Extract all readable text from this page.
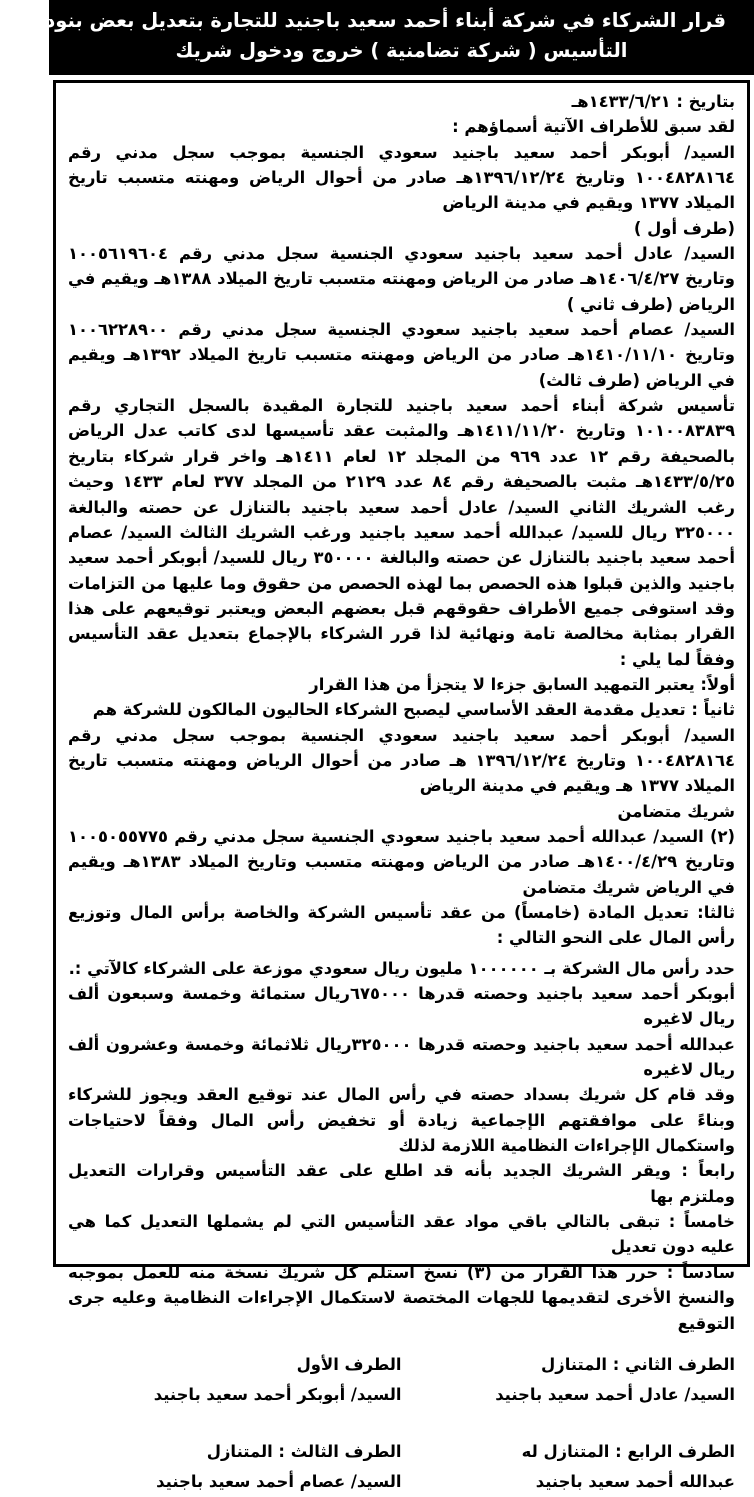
قرار الشركاء في شركة أبناء أحمد سعيد باجنيد للتجارة بتعديل بعض بنود عقد
التأسيس ( شركة تضامنية ) خروج ودخول شريك
بتاريخ : ١٤٣٣/٦/٢١هـ
لقد سبق للأطراف الآتية أسماؤهم :

السيد/ أبوبكر أحمد سعيد باجنيد سعودي الجنسية بموجب سجل مدني رقم ١٠٠٤٨٢٨١٦٤ وتاريخ ١٣٩٦/١٢/٢٤هـ صادر من أحوال الرياض ومهنته متسبب تاريخ الميلاد ١٣٧٧ ويقيم في مدينة الرياض

(طرف أول )

السيد/ عادل أحمد سعيد باجنيد سعودي الجنسية سجل مدني رقم ١٠٠٥٦١٩٦٠٤ وتاريخ ١٤٠٦/٤/٢٧هـ صادر من الرياض ومهنته متسبب تاريخ الميلاد ١٣٨٨هـ ويقيم في الرياض (طرف ثاني )

السيد/ عصام أحمد سعيد باجنيد سعودي الجنسية سجل مدني رقم ١٠٠٦٢٢٨٩٠٠ وتاريخ ١٤١٠/١١/١٠هـ صادر من الرياض ومهنته متسبب تاريخ الميلاد ١٣٩٢هـ ويقيم في الرياض (طرف ثالث)

تأسيس شركة أبناء أحمد سعيد باجنيد للتجارة المقيدة بالسجل التجاري رقم ١٠١٠٠٨٣٨٣٩ وتاريخ ١٤١١/١١/٢٠هـ والمثبت عقد تأسيسها لدى كاتب عدل الرياض بالصحيفة رقم ١٢ عدد ٩٦٩ من المجلد ١٢ لعام ١٤١١هـ واخر قرار شركاء بتاريخ ١٤٣٣/٥/٢٥هـ مثبت بالصحيفة رقم ٨٤ عدد ٢١٢٩ من المجلد ٣٧٧ لعام ١٤٣٣ وحيث رغب الشريك الثاني السيد/ عادل أحمد سعيد باجنيد بالتنازل عن حصته والبالغة ٣٢٥٠٠٠ ريال للسيد/ عبدالله أحمد سعيد باجنيد ورغب الشريك الثالث السيد/ عصام أحمد سعيد باجنيد بالتنازل عن حصته والبالغة ٣٥٠٠٠٠ ريال للسيد/ أبوبكر أحمد سعيد باجنيد والذين قبلوا هذه الحصص بما لهذه الحصص من حقوق وما عليها من التزامات وقد استوفى جميع الأطراف حقوقهم قبل بعضهم البعض ويعتبر توقيعهم على هذا القرار بمثابة مخالصة تامة ونهائية لذا قرر الشركاء بالإجماع بتعديل عقد التأسيس وفقاً لما يلي :

أولاً: يعتبر التمهيد السابق جزءا لا يتجزأ من هذا القرار

ثانياً : تعديل مقدمة العقد الأساسي ليصبح الشركاء الحاليون المالكون للشركة هم

السيد/ أبوبكر أحمد سعيد باجنيد سعودي الجنسية بموجب سجل مدني رقم ١٠٠٤٨٢٨١٦٤ وتاريخ ١٣٩٦/١٢/٢٤ هـ صادر من أحوال الرياض ومهنته متسبب تاريخ الميلاد ١٣٧٧ هـ ويقيم في مدينة الرياض

شريك متضامن

(٢) السيد/ عبدالله أحمد سعيد باجنيد سعودي الجنسية سجل مدني رقم ١٠٠٥٠٥٥٧٧٥ وتاريخ ١٤٠٠/٤/٢٩هـ صادر من الرياض ومهنته متسبب وتاريخ الميلاد ١٣٨٣هـ ويقيم في الرياض شريك متضامن

ثالثا: تعديل المادة (خامساً) من عقد تأسيس الشركة والخاصة برأس المال وتوزيع رأس المال على النحو التالي :

حدد رأس مال الشركة بـ ١٠٠٠٠٠٠ مليون ريال سعودي موزعة على الشركاء كالآتي :.

أبوبكر أحمد سعيد باجنيد وحصته قدرها ٦٧٥٠٠٠ريال ستمائة وخمسة وسبعون ألف ريال لاغيره

عبدالله أحمد سعيد باجنيد وحصته قدرها ٣٢٥٠٠٠ريال ثلاثمائة وخمسة وعشرون ألف ريال لاغيره

وقد قام كل شريك بسداد حصته في رأس المال عند توقيع العقد ويجوز للشركاء وبناءً على موافقتهم الإجماعية زيادة أو تخفيض رأس المال وفقاً لاحتياجات واستكمال الإجراءات النظامية اللازمة لذلك

رابعاً : ويقر الشريك الجديد بأنه قد اطلع على عقد التأسيس وقرارات التعديل وملتزم بها

خامساً : تبقى بالتالي باقي مواد عقد التأسيس التي لم يشملها التعديل كما هي عليه دون تعديل

سادساً : حرر هذا القرار من (٣) نسخ استلم كل شريك نسخة منه للعمل بموجبه والنسخ الأخرى لتقديمها للجهات المختصة لاستكمال الإجراءات النظامية وعليه جرى التوقيع

الطرف الثاني : المتنازل
السيد/ عادل أحمد سعيد باجنيد
الطرف الأول
السيد/ أبوبكر أحمد سعيد باجنيد
الطرف الرابع : المتنازل له
عبدالله أحمد سعيد باجنيد
الطرف الثالث : المتنازل
السيد/ عصام أحمد سعيد باجنيد
